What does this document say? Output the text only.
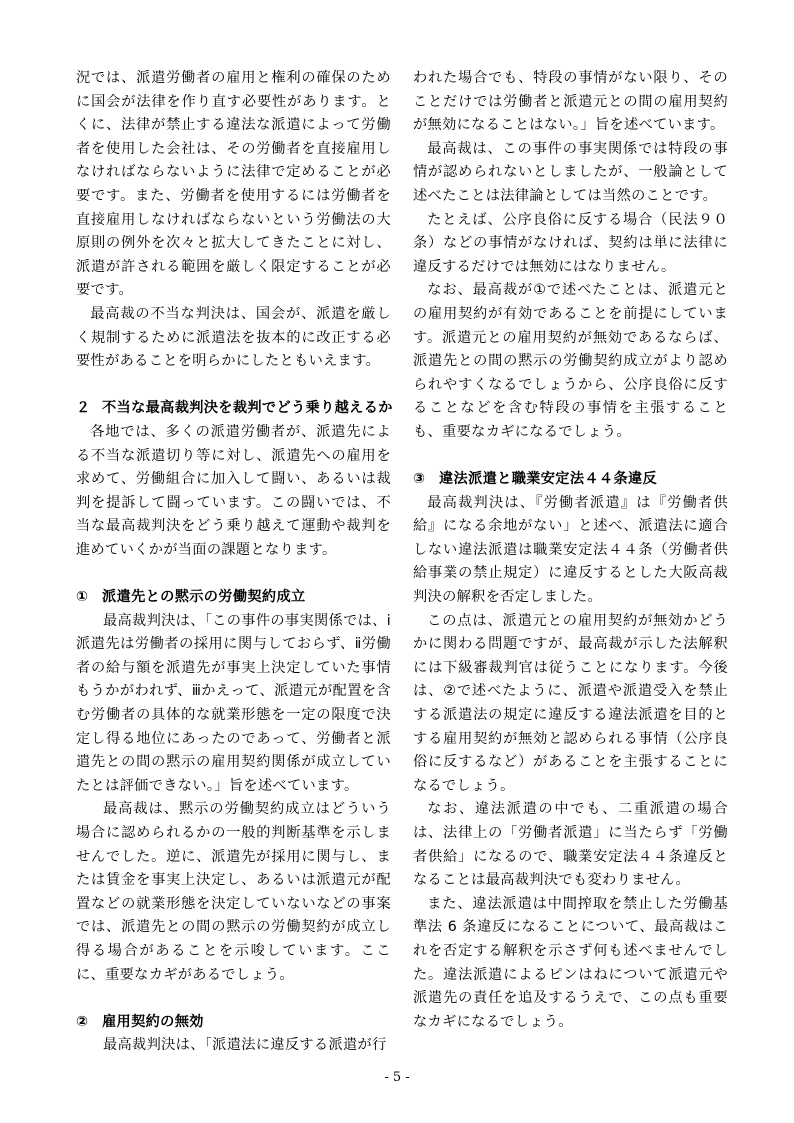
況では、派遣労働者の雇用と権利の確保のために国会が法律を作り直す必要性があります。とくに、法律が禁止する違法な派遣によって労働者を使用した会社は、その労働者を直接雇用しなければならないように法律で定めることが必要です。また、労働者を使用するには労働者を直接雇用しなければならないという労働法の大原則の例外を次々と拡大してきたことに対し、派遣が許される範囲を厳しく限定することが必要です。

最高裁の不当な判決は、国会が、派遣を厳しく規制するために派遣法を抜本的に改正する必要性があることを明らかにしたともいえます。

２ 不当な最高裁判決を裁判でどう乗り越えるか

各地では、多くの派遣労働者が、派遣先による不当な派遣切り等に対し、派遣先への雇用を求めて、労働組合に加入して闘い、あるいは裁判を提訴して闘っています。この闘いでは、不当な最高裁判決をどう乗り越えて運動や裁判を進めていくかが当面の課題となります。

① 派遣先との黙示の労働契約成立

最高裁判決は、「この事件の事実関係では、ⅰ派遣先は労働者の採用に関与しておらず、ⅱ労働者の給与額を派遣先が事実上決定していた事情もうかがわれず、ⅲかえって、派遣元が配置を含む労働者の具体的な就業形態を一定の限度で決定し得る地位にあったのであって、労働者と派遣先との間の黙示の雇用契約関係が成立していたとは評価できない。」旨を述べています。

最高裁は、黙示の労働契約成立はどういう場合に認められるかの一般的判断基準を示しませんでした。逆に、派遣先が採用に関与し、または賃金を事実上決定し、あるいは派遣元が配置などの就業形態を決定していないなどの事案では、派遣先との間の黙示の労働契約が成立し得る場合があることを示唆しています。ここに、重要なカギがあるでしょう。

② 雇用契約の無効

最高裁判決は、「派遣法に違反する派遣が行

われた場合でも、特段の事情がない限り、そのことだけでは労働者と派遣元との間の雇用契約が無効になることはない。」旨を述べています。

最高裁は、この事件の事実関係では特段の事情が認められないとしましたが、一般論として述べたことは法律論としては当然のことです。

たとえば、公序良俗に反する場合（民法９０条）などの事情がなければ、契約は単に法律に違反するだけでは無効にはなりません。

なお、最高裁が①で述べたことは、派遣元との雇用契約が有効であることを前提にしています。派遣元との雇用契約が無効であるならば、派遣先との間の黙示の労働契約成立がより認められやすくなるでしょうから、公序良俗に反することなどを含む特段の事情を主張することも、重要なカギになるでしょう。

③ 違法派遣と職業安定法４４条違反

最高裁判決は、『労働者派遣』は『労働者供給』になる余地がない」と述べ、派遣法に適合しない違法派遣は職業安定法４４条（労働者供給事業の禁止規定）に違反するとした大阪高裁判決の解釈を否定しました。

この点は、派遣元との雇用契約が無効かどうかに関わる問題ですが、最高裁が示した法解釈には下級審裁判官は従うことになります。今後は、②で述べたように、派遣や派遣受入を禁止する派遣法の規定に違反する違法派遣を目的とする雇用契約が無効と認められる事情（公序良俗に反するなど）があることを主張することになるでしょう。

なお、違法派遣の中でも、二重派遣の場合は、法律上の「労働者派遣」に当たらず「労働者供給」になるので、職業安定法４４条違反となることは最高裁判決でも変わりません。

また、違法派遣は中間搾取を禁止した労働基準法 6 条違反になることについて、最高裁はこれを否定する解釈を示さず何も述べませんでした。違法派遣によるピンはねについて派遣元や派遣先の責任を追及するうえで、この点も重要なカギになるでしょう。

- 5 -
